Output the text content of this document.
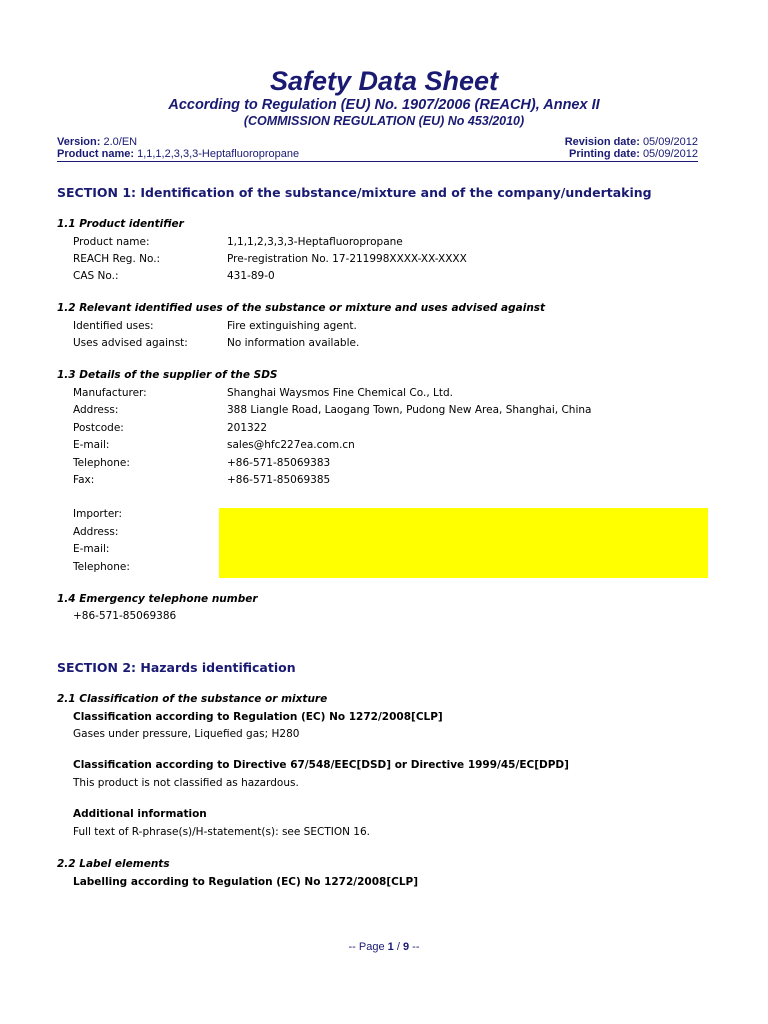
Safety Data Sheet
According to Regulation (EU) No. 1907/2006 (REACH), Annex II
(COMMISSION REGULATION (EU) No 453/2010)
Version: 2.0/EN
Product name: 1,1,1,2,3,3,3-Heptafluoropropane
Revision date: 05/09/2012
Printing date: 05/09/2012
SECTION 1: Identification of the substance/mixture and of the company/undertaking
1.1 Product identifier
Product name:	1,1,1,2,3,3,3-Heptafluoropropane
REACH Reg. No.:	Pre-registration No. 17-211998XXXX-XX-XXXX
CAS No.:	431-89-0
1.2 Relevant identified uses of the substance or mixture and uses advised against
Identified uses:	Fire extinguishing agent.
Uses advised against:	No information available.
1.3 Details of the supplier of the SDS
Manufacturer:	Shanghai Waysmos Fine Chemical Co., Ltd.
Address:	388 Liangle Road, Laogang Town, Pudong New Area, Shanghai, China
Postcode:	201322
E-mail:	sales@hfc227ea.com.cn
Telephone:	+86-571-85069383
Fax:	+86-571-85069385
Importer:
Address:
E-mail:
Telephone:
1.4 Emergency telephone number
+86-571-85069386
SECTION 2: Hazards identification
2.1 Classification of the substance or mixture
Classification according to Regulation (EC) No 1272/2008[CLP]
Gases under pressure, Liquefied gas; H280
Classification according to Directive 67/548/EEC[DSD] or Directive 1999/45/EC[DPD]
This product is not classified as hazardous.
Additional information
Full text of R-phrase(s)/H-statement(s): see SECTION 16.
2.2 Label elements
Labelling according to Regulation (EC) No 1272/2008[CLP]
-- Page 1 / 9 --
